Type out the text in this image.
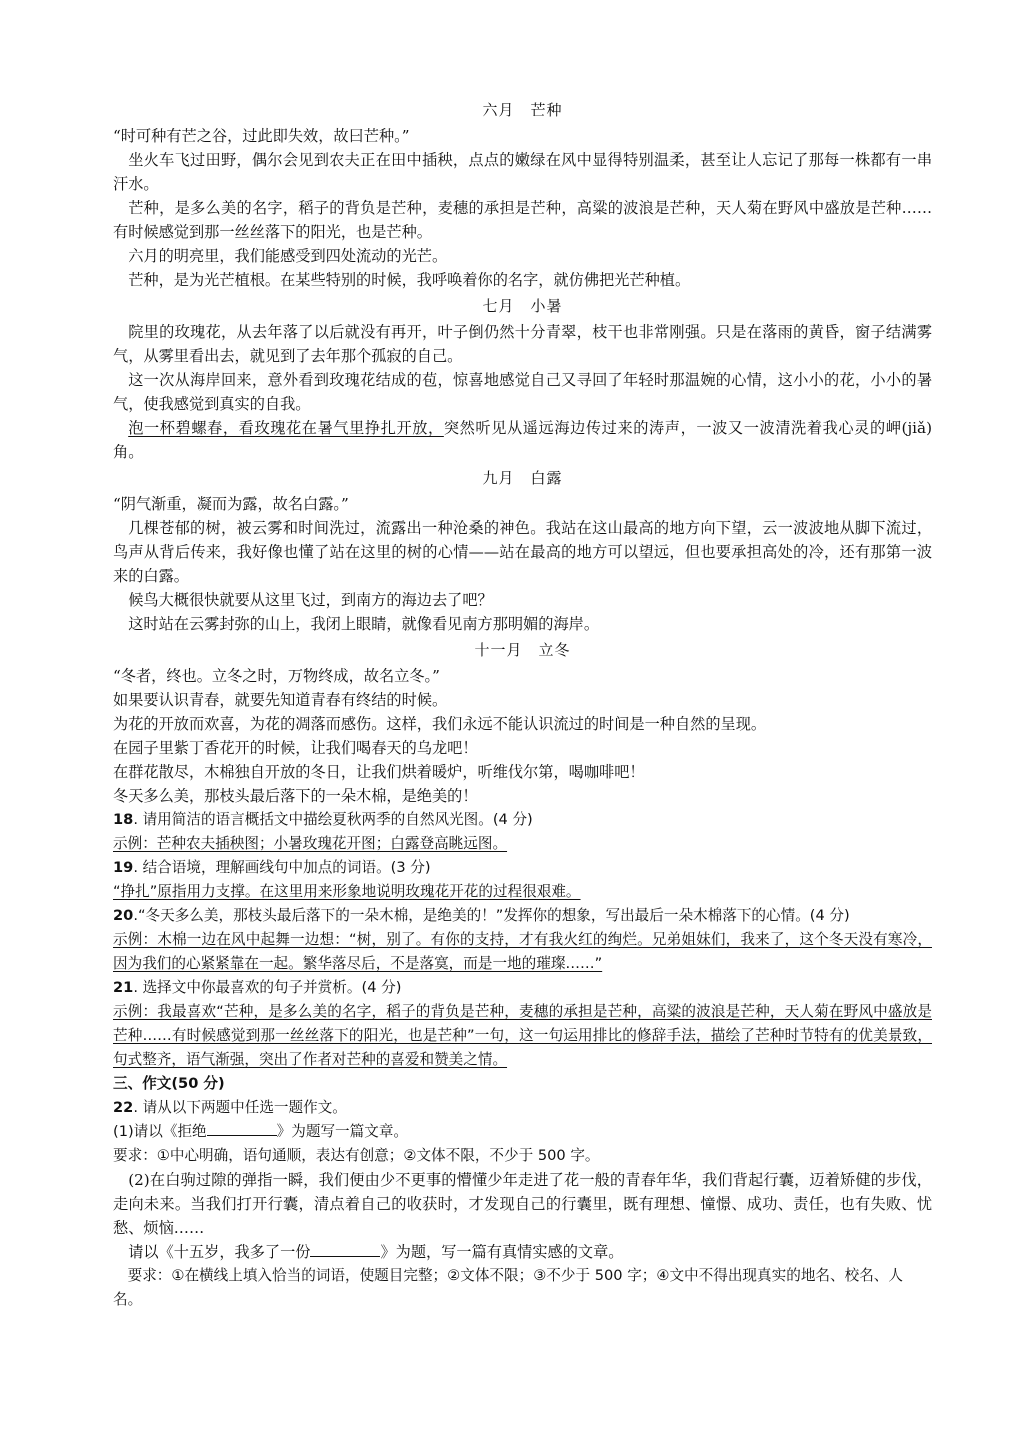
六月　芒种

“时可种有芒之谷，过此即失效，故曰芒种。”

坐火车飞过田野，偶尔会见到农夫正在田中插秧，点点的嫩绿在风中显得特别温柔，甚至让人忘记了那每一株都有一串汗水。

芒种，是多么美的名字，稻子的背负是芒种，麦穗的承担是芒种，高粱的波浪是芒种，天人菊在野风中盛放是芒种……有时候感觉到那一丝丝落下的阳光，也是芒种。

六月的明亮里，我们能感受到四处流动的光芒。

芒种，是为光芒植根。在某些特别的时候，我呼唤着你的名字，就仿佛把光芒种植。

七月　小暑

院里的玫瑰花，从去年落了以后就没有再开，叶子倒仍然十分青翠，枝干也非常刚强。只是在落雨的黄昏，窗子结满雾气，从雾里看出去，就见到了去年那个孤寂的自己。

这一次从海岸回来，意外看到玫瑰花结成的苞，惊喜地感觉自己又寻回了年轻时那温婉的心情，这小小的花，小小的暑气，使我感觉到真实的自我。

泡一杯碧螺春，看玫瑰花在暑气里挣扎开放，突然听见从遥远海边传过来的涛声，一波又一波清洗着我心灵的岬(jiǎ)角。

九月　白露

“阴气渐重，凝而为露，故名白露。”

几棵苍郁的树，被云雾和时间洗过，流露出一种沧桑的神色。我站在这山最高的地方向下望，云一波波地从脚下流过，鸟声从背后传来，我好像也懂了站在这里的树的心情——站在最高的地方可以望远，但也要承担高处的冷，还有那第一波来的白露。

候鸟大概很快就要从这里飞过，到南方的海边去了吧？

这时站在云雾封弥的山上，我闭上眼睛，就像看见南方那明媚的海岸。

十一月　立冬

“冬者，终也。立冬之时，万物终成，故名立冬。”

如果要认识青春，就要先知道青春有终结的时候。

为花的开放而欢喜，为花的凋落而感伤。这样，我们永远不能认识流过的时间是一种自然的呈现。

在园子里紫丁香花开的时候，让我们喝春天的乌龙吧！

在群花散尽，木棉独自开放的冬日，让我们烘着暖炉，听维伐尔第，喝咖啡吧！

冬天多么美，那枝头最后落下的一朵木棉，是绝美的！

18. 请用简洁的语言概括文中描绘夏秋两季的自然风光图。(4 分)

示例：芒种农夫插秧图；小暑玫瑰花开图；白露登高眺远图。

19. 结合语境，理解画线句中加点的词语。(3 分)

“挣扎”原指用力支撑。在这里用来形象地说明玫瑰花开花的过程很艰难。

20.“冬天多么美，那枝头最后落下的一朵木棉，是绝美的！”发挥你的想象，写出最后一朵木棉落下的心情。(4 分)

示例：木棉一边在风中起舞一边想：“树，别了。有你的支持，才有我火红的绚烂。兄弟姐妹们，我来了，这个冬天没有寒冷，因为我们的心紧紧靠在一起。繁华落尽后，不是落寞，而是一地的璀璨……”

21. 选择文中你最喜欢的句子并赏析。(4 分)

示例：我最喜欢“芒种，是多么美的名字，稻子的背负是芒种，麦穗的承担是芒种，高粱的波浪是芒种，天人菊在野风中盛放是芒种……有时候感觉到那一丝丝落下的阳光，也是芒种”一句，这一句运用排比的修辞手法，描绘了芒种时节特有的优美景致，句式整齐，语气渐强，突出了作者对芒种的喜爱和赞美之情。

三、作文(50 分)

22. 请从以下两题中任选一题作文。

(1)请以《拒绝	》为题写一篇文章。

要求：①中心明确，语句通顺，表达有创意；②文体不限，不少于 500 字。

(2)在白驹过隙的弹指一瞬，我们便由少不更事的懵懂少年走进了花一般的青春年华，我们背起行囊，迈着矫健的步伐，走向未来。当我们打开行囊，清点着自己的收获时，才发现自己的行囊里，既有理想、憧憬、成功、责任，也有失败、忧愁、烦恼……

请以《十五岁，我多了一份	》为题，写一篇有真情实感的文章。

要求：①在横线上填入恰当的词语，使题目完整；②文体不限；③不少于 500 字；④文中不得出现真实的地名、校名、人名。
